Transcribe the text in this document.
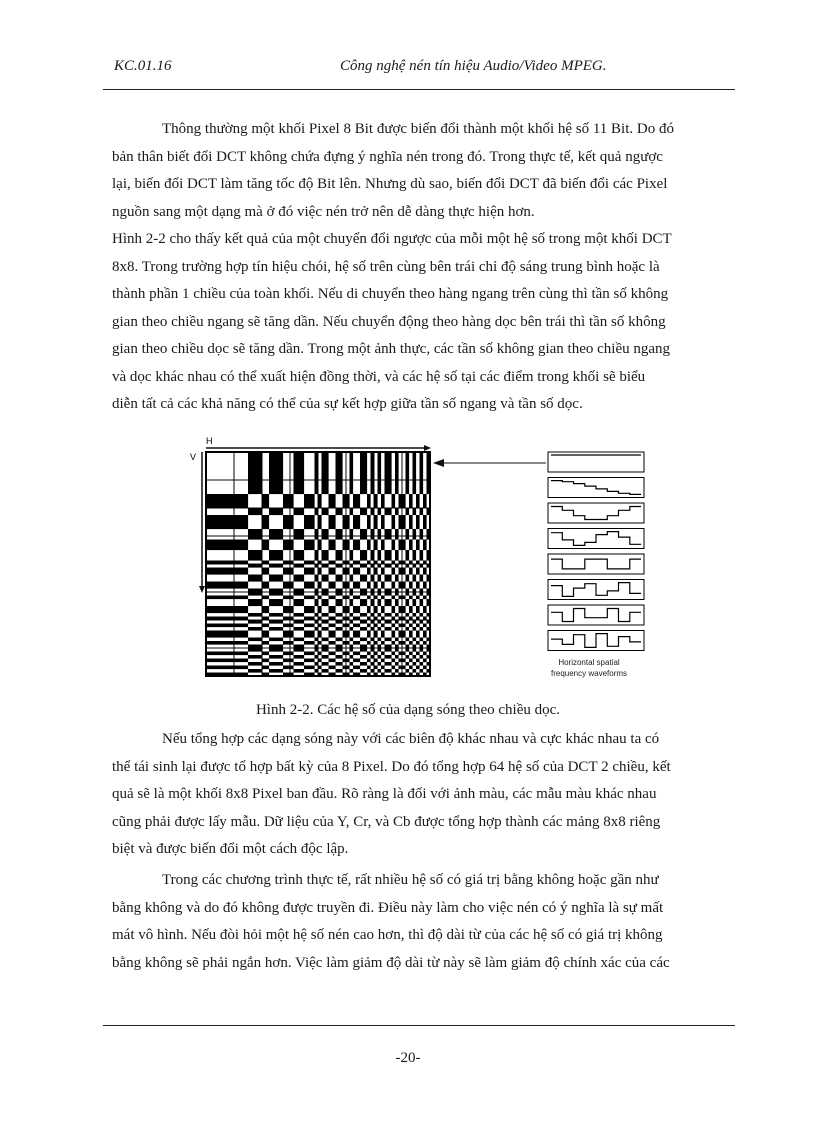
KC.01.16	Công nghệ nén tín hiệu Audio/Video MPEG.
Thông thường một khối Pixel 8 Bit được biến đổi thành một khối hệ số 11 Bit. Do đó
bản thân biết đổi DCT không chứa đựng ý nghĩa nén trong đó. Trong thực tế, kết quả ngược
lại, biến đổi DCT làm tăng tốc độ Bit lên. Nhưng dù sao, biến đổi DCT đã biến đổi các Pixel
nguồn sang một dạng mà ở đó việc nén trở nên dễ dàng thực hiện hơn.
Hình 2-2 cho thấy kết quả của một chuyển đổi ngược của mỗi một hệ số trong một khối DCT
8x8. Trong trường hợp tín hiệu chói, hệ số trên cùng bên trái chỉ độ sáng trung bình hoặc là
thành phần 1 chiều của toàn khối. Nếu di chuyển theo hàng ngang trên cùng thì tần số không
gian theo chiều ngang sẽ tăng dần. Nếu chuyển động theo hàng dọc bên trái thì tần số không
gian theo chiều dọc sẽ tăng dần. Trong một ảnh thực, các tần số không gian theo chiều ngang
và dọc khác nhau có thể xuất hiện đồng thời, và các hệ số tại các điểm trong khối sẽ biểu
diễn tất cả các khả năng có thể của sự kết hợp giữa tần số ngang và tần số dọc.
H
V
Horizontal spatial
frequency waveforms
Hình 2-2. Các hệ số của dạng sóng theo chiều dọc.
Nếu tổng hợp các dạng sóng này với các biên độ khác nhau và cực khác nhau ta có
thể tái sinh lại được tổ hợp bất kỳ của 8 Pixel. Do đó tổng hợp 64 hệ số của DCT 2 chiều, kết
quả sẽ là một khối 8x8 Pixel ban đầu. Rõ ràng là đối với ảnh màu, các mẫu màu khác nhau
cũng phải được lấy mẫu. Dữ liệu của Y, Cr, và Cb được tổng hợp thành các mảng 8x8 riêng
biệt và được biến đổi một cách độc lập.
Trong các chương trình thực tế, rất nhiều hệ số có giá trị bằng không hoặc gần như
bằng không và do đó không được truyền đi. Điều này làm cho việc nén có ý nghĩa là sự mất
mát vô hình. Nếu đòi hỏi một hệ số nén cao hơn, thì độ dài từ của các hệ số có giá trị không
bằng không sẽ phải ngắn hơn. Việc làm giảm độ dài từ này sẽ làm giảm độ chính xác của các
-20-
